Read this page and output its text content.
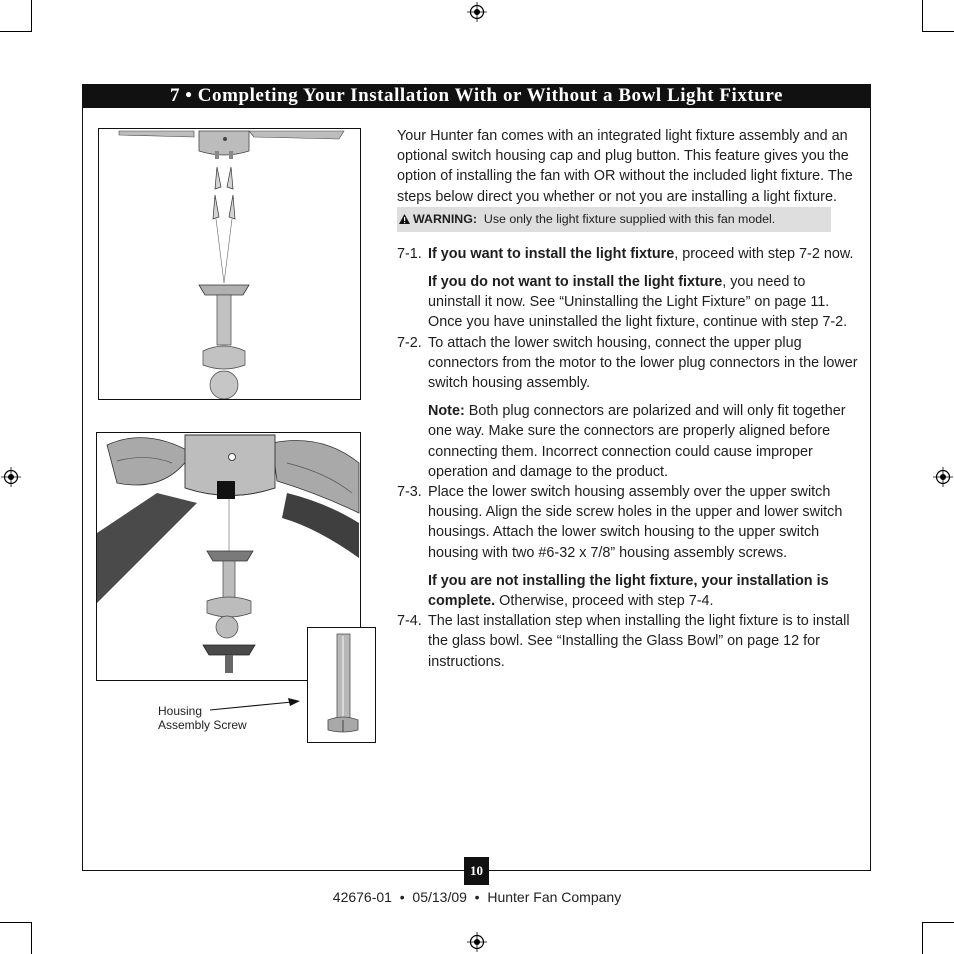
7 • Completing Your Installation With or Without a Bowl Light Fixture
Housing
Assembly Screw

Your Hunter fan comes with an integrated light fixture assembly and an optional switch housing cap and plug button. This feature gives you the option of installing the fan with OR without the included light fixture. The steps below direct you whether or not you are installing a light fixture.

WARNING: Use only the light fixture supplied with this fan model.
7-1. If you want to install the light fixture, proceed with step 7-2 now.

If you do not want to install the light fixture, you need to uninstall it now. See “Uninstalling the Light Fixture” on page 11. Once you have uninstalled the light fixture, continue with step 7-2.

7-2. To attach the lower switch housing, connect the upper plug connectors from the motor to the lower plug connectors in the lower switch housing assembly.

Note: Both plug connectors are polarized and will only fit together one way. Make sure the connectors are properly aligned before connecting them. Incorrect connection could cause improper operation and damage to the product.

7-3. Place the lower switch housing assembly over the upper switch housing. Align the side screw holes in the upper and lower switch housings. Attach the lower switch housing to the upper switch housing with two #6-32 x 7/8” housing assembly screws.

If you are not installing the light fixture, your installation is complete. Otherwise, proceed with step 7-4.

7-4. The last installation step when installing the light fixture is to install the glass bowl. See “Installing the Glass Bowl” on page 12 for instructions.
10
42676-01  •  05/13/09  •  Hunter Fan Company
